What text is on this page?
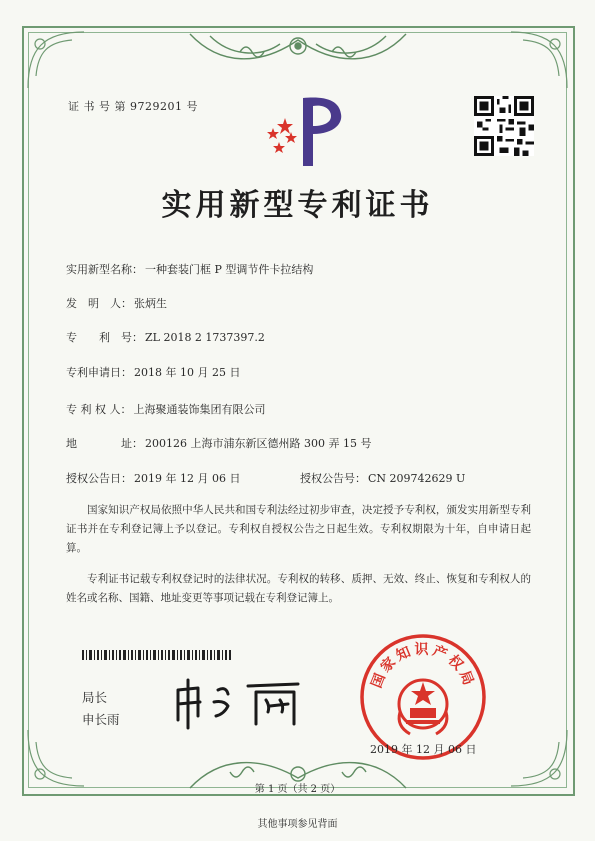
证 书 号 第 9729201 号
实用新型专利证书
实用新型名称： 一种套装门框 P 型调节件卡拉结构
发　明　人： 张炳生
专　　利　号： ZL 2018 2 1737397.2
专利申请日： 2018 年 10 月 25 日
专 利 权 人： 上海聚通装饰集团有限公司
地　　　　址： 200126 上海市浦东新区德州路 300 弄 15 号
授权公告日： 2019 年 12 月 06 日	授权公告号： CN 209742629 U
国家知识产权局依照中华人民共和国专利法经过初步审查，决定授予专利权，颁发实用新型专利证书并在专利登记簿上予以登记。专利权自授权公告之日起生效。专利权期限为十年，自申请日起算。
专利证书记载专利权登记时的法律状况。专利权的转移、质押、无效、终止、恢复和专利权人的姓名或名称、国籍、地址变更等事项记载在专利登记簿上。
局长
申长雨
国家知识产权局
2019 年 12 月 06 日
第 1 页（共 2 页）
其他事项参见背面
